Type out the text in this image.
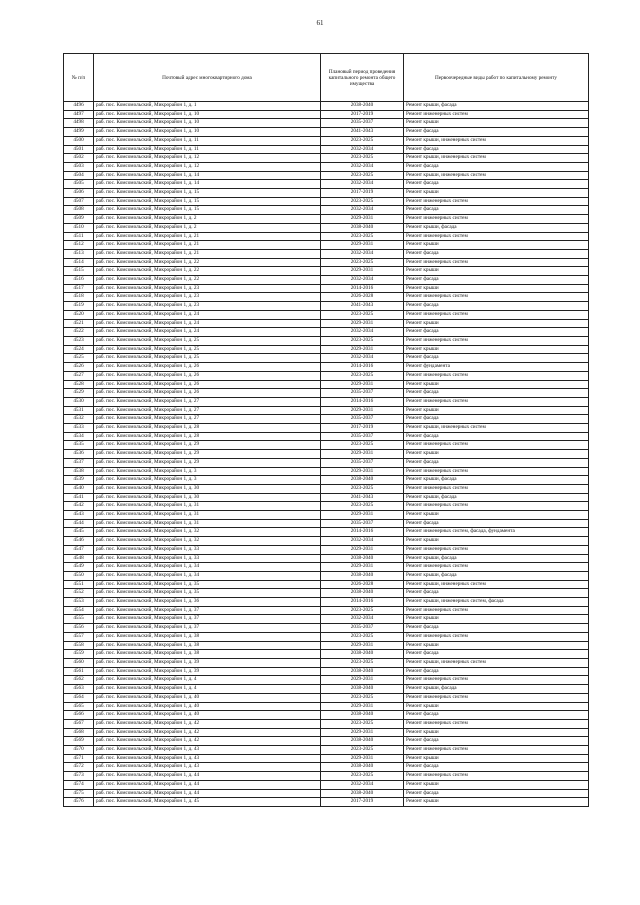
61
№ п/п	Почтовый адрес многоквартирного дома	Плановый период проведения капитального ремонта общего имущества	Первоочередные виды работ по капитальному ремонту
4496	раб. пос. Комсомольский, Микрорайон 1, д. 1	2038-2040	Ремонт крыши, фасада
4497	раб. пос. Комсомольский, Микрорайон 1, д. 10	2017-2019	Ремонт инженерных систем
4498	раб. пос. Комсомольский, Микрорайон 1, д. 10	2035-2037	Ремонт крыши
4499	раб. пос. Комсомольский, Микрорайон 1, д. 10	2041-2043	Ремонт фасада
4500	раб. пос. Комсомольский, Микрорайон 1, д. 11	2023-2025	Ремонт крыши, инженерных систем
4501	раб. пос. Комсомольский, Микрорайон 1, д. 11	2032-2034	Ремонт фасада
4502	раб. пос. Комсомольский, Микрорайон 1, д. 12	2023-2025	Ремонт крыши, инженерных систем
4503	раб. пос. Комсомольский, Микрорайон 1, д. 12	2032-2034	Ремонт фасада
4504	раб. пос. Комсомольский, Микрорайон 1, д. 14	2023-2025	Ремонт крыши, инженерных систем
4505	раб. пос. Комсомольский, Микрорайон 1, д. 14	2032-2034	Ремонт фасада
4506	раб. пос. Комсомольский, Микрорайон 1, д. 15	2017-2019	Ремонт крыши
4507	раб. пос. Комсомольский, Микрорайон 1, д. 15	2023-2025	Ремонт инженерных систем
4508	раб. пос. Комсомольский, Микрорайон 1, д. 15	2032-2034	Ремонт фасада
4509	раб. пос. Комсомольский, Микрорайон 1, д. 2	2029-2031	Ремонт инженерных систем
4510	раб. пос. Комсомольский, Микрорайон 1, д. 2	2038-2040	Ремонт крыши, фасада
4511	раб. пос. Комсомольский, Микрорайон 1, д. 21	2023-2025	Ремонт инженерных систем
4512	раб. пос. Комсомольский, Микрорайон 1, д. 21	2029-2031	Ремонт крыши
4513	раб. пос. Комсомольский, Микрорайон 1, д. 21	2032-2034	Ремонт фасада
4514	раб. пос. Комсомольский, Микрорайон 1, д. 22	2023-2025	Ремонт инженерных систем
4515	раб. пос. Комсомольский, Микрорайон 1, д. 22	2029-2031	Ремонт крыши
4516	раб. пос. Комсомольский, Микрорайон 1, д. 22	2032-2034	Ремонт фасада
4517	раб. пос. Комсомольский, Микрорайон 1, д. 23	2014-2016	Ремонт крыши
4518	раб. пос. Комсомольский, Микрорайон 1, д. 23	2026-2028	Ремонт инженерных систем
4519	раб. пос. Комсомольский, Микрорайон 1, д. 23	2041-2043	Ремонт фасада
4520	раб. пос. Комсомольский, Микрорайон 1, д. 24	2023-2025	Ремонт инженерных систем
4521	раб. пос. Комсомольский, Микрорайон 1, д. 24	2029-2031	Ремонт крыши
4522	раб. пос. Комсомольский, Микрорайон 1, д. 24	2032-2034	Ремонт фасада
4523	раб. пос. Комсомольский, Микрорайон 1, д. 25	2023-2025	Ремонт инженерных систем
4524	раб. пос. Комсомольский, Микрорайон 1, д. 25	2029-2031	Ремонт крыши
4525	раб. пос. Комсомольский, Микрорайон 1, д. 25	2032-2034	Ремонт фасада
4526	раб. пос. Комсомольский, Микрорайон 1, д. 26	2014-2016	Ремонт фундамента
4527	раб. пос. Комсомольский, Микрорайон 1, д. 26	2023-2025	Ремонт инженерных систем
4528	раб. пос. Комсомольский, Микрорайон 1, д. 26	2029-2031	Ремонт крыши
4529	раб. пос. Комсомольский, Микрорайон 1, д. 26	2035-2037	Ремонт фасада
4530	раб. пос. Комсомольский, Микрорайон 1, д. 27	2014-2016	Ремонт инженерных систем
4531	раб. пос. Комсомольский, Микрорайон 1, д. 27	2029-2031	Ремонт крыши
4532	раб. пос. Комсомольский, Микрорайон 1, д. 27	2035-2037	Ремонт фасада
4533	раб. пос. Комсомольский, Микрорайон 1, д. 28	2017-2019	Ремонт крыши, инженерных систем
4534	раб. пос. Комсомольский, Микрорайон 1, д. 28	2035-2037	Ремонт фасада
4535	раб. пос. Комсомольский, Микрорайон 1, д. 29	2023-2025	Ремонт инженерных систем
4536	раб. пос. Комсомольский, Микрорайон 1, д. 29	2029-2031	Ремонт крыши
4537	раб. пос. Комсомольский, Микрорайон 1, д. 29	2035-2037	Ремонт фасада
4538	раб. пос. Комсомольский, Микрорайон 1, д. 3	2029-2031	Ремонт инженерных систем
4539	раб. пос. Комсомольский, Микрорайон 1, д. 3	2038-2040	Ремонт крыши, фасада
4540	раб. пос. Комсомольский, Микрорайон 1, д. 30	2023-2025	Ремонт инженерных систем
4541	раб. пос. Комсомольский, Микрорайон 1, д. 30	2041-2043	Ремонт крыши, фасада
4542	раб. пос. Комсомольский, Микрорайон 1, д. 31	2023-2025	Ремонт инженерных систем
4543	раб. пос. Комсомольский, Микрорайон 1, д. 31	2029-2031	Ремонт крыши
4544	раб. пос. Комсомольский, Микрорайон 1, д. 31	2035-2037	Ремонт фасада
4545	раб. пос. Комсомольский, Микрорайон 1, д. 32	2014-2016	Ремонт инженерных систем, фасада, фундамента
4546	раб. пос. Комсомольский, Микрорайон 1, д. 32	2032-2034	Ремонт крыши
4547	раб. пос. Комсомольский, Микрорайон 1, д. 33	2029-2031	Ремонт инженерных систем
4548	раб. пос. Комсомольский, Микрорайон 1, д. 33	2038-2040	Ремонт крыши, фасада
4549	раб. пос. Комсомольский, Микрорайон 1, д. 34	2029-2031	Ремонт инженерных систем
4550	раб. пос. Комсомольский, Микрорайон 1, д. 34	2038-2040	Ремонт крыши, фасада
4551	раб. пос. Комсомольский, Микрорайон 1, д. 35	2026-2028	Ремонт крыши, инженерных систем
4552	раб. пос. Комсомольский, Микрорайон 1, д. 35	2038-2040	Ремонт фасада
4553	раб. пос. Комсомольский, Микрорайон 1, д. 36	2014-2016	Ремонт крыши, инженерных систем, фасада
4554	раб. пос. Комсомольский, Микрорайон 1, д. 37	2023-2025	Ремонт инженерных систем
4555	раб. пос. Комсомольский, Микрорайон 1, д. 37	2032-2034	Ремонт крыши
4556	раб. пос. Комсомольский, Микрорайон 1, д. 37	2035-2037	Ремонт фасада
4557	раб. пос. Комсомольский, Микрорайон 1, д. 38	2023-2025	Ремонт инженерных систем
4558	раб. пос. Комсомольский, Микрорайон 1, д. 38	2029-2031	Ремонт крыши
4559	раб. пос. Комсомольский, Микрорайон 1, д. 38	2038-2040	Ремонт фасада
4560	раб. пос. Комсомольский, Микрорайон 1, д. 39	2023-2025	Ремонт крыши, инженерных систем
4561	раб. пос. Комсомольский, Микрорайон 1, д. 39	2038-2040	Ремонт фасада
4562	раб. пос. Комсомольский, Микрорайон 1, д. 4	2029-2031	Ремонт инженерных систем
4563	раб. пос. Комсомольский, Микрорайон 1, д. 4	2038-2040	Ремонт крыши, фасада
4564	раб. пос. Комсомольский, Микрорайон 1, д. 40	2023-2025	Ремонт инженерных систем
4565	раб. пос. Комсомольский, Микрорайон 1, д. 40	2029-2031	Ремонт крыши
4566	раб. пос. Комсомольский, Микрорайон 1, д. 40	2038-2040	Ремонт фасада
4567	раб. пос. Комсомольский, Микрорайон 1, д. 42	2023-2025	Ремонт инженерных систем
4568	раб. пос. Комсомольский, Микрорайон 1, д. 42	2029-2031	Ремонт крыши
4569	раб. пос. Комсомольский, Микрорайон 1, д. 42	2038-2040	Ремонт фасада
4570	раб. пос. Комсомольский, Микрорайон 1, д. 43	2023-2025	Ремонт инженерных систем
4571	раб. пос. Комсомольский, Микрорайон 1, д. 43	2029-2031	Ремонт крыши
4572	раб. пос. Комсомольский, Микрорайон 1, д. 43	2038-2040	Ремонт фасада
4573	раб. пос. Комсомольский, Микрорайон 1, д. 44	2023-2025	Ремонт инженерных систем
4574	раб. пос. Комсомольский, Микрорайон 1, д. 44	2032-2034	Ремонт крыши
4575	раб. пос. Комсомольский, Микрорайон 1, д. 44	2038-2040	Ремонт фасада
4576	раб. пос. Комсомольский, Микрорайон 1, д. 45	2017-2019	Ремонт крыши
